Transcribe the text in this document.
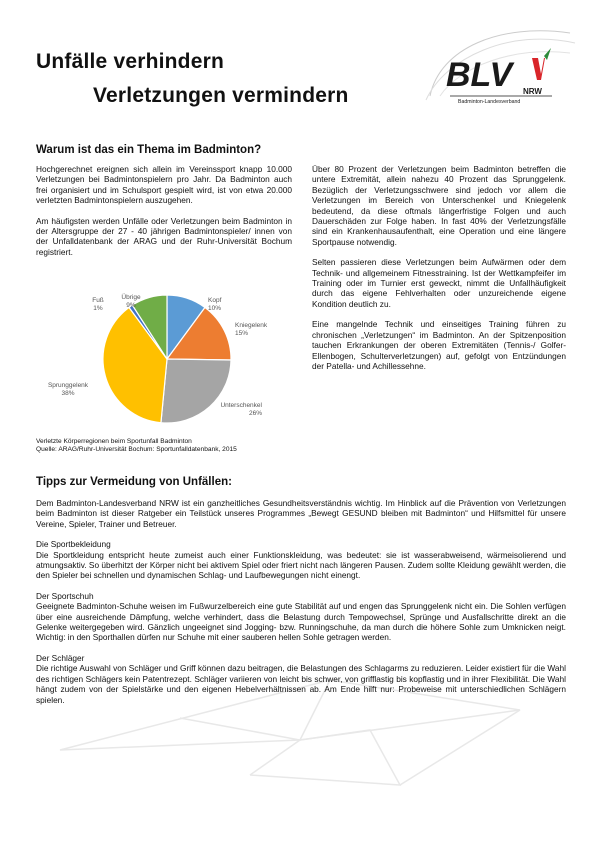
Unfälle verhindern
Verletzungen vermindern
BLV	NRW
Badminton-Landesverband
Warum ist das ein Thema im Badminton?

Hochgerechnet ereignen sich allein im Vereinssport knapp 10.000 Verletzungen bei Badmintonspielern pro Jahr. Da Badminton auch frei organisiert und im Schulsport gespielt wird, ist von etwa 20.000 verletzten Badmintonspielern auszugehen.

Am häufigsten werden Unfälle oder Verletzungen beim Badminton in der Altersgruppe der 27 - 40 jährigen Badmintonspieler/ innen von der Unfalldatenbank der ARAG und der Ruhr-Universität Bochum registriert.

Über 80 Prozent der Verletzungen beim Badminton betreffen die untere Extremität, allein nahezu 40 Prozent das Sprunggelenk. Bezüglich der Verletzungsschwere sind jedoch vor allem die Verletzungen im Bereich von Unterschenkel und Kniegelenk bedeutend, da diese oftmals längerfristige Folgen und auch Dauerschäden zur Folge haben. In fast 40% der Verletzungsfälle sind ein Krankenhausaufenthalt, eine Operation und eine längere Sportpause notwendig.

Selten passieren diese Verletzungen beim Aufwärmen oder dem Technik- und allgemeinem Fitnesstraining. Ist der Wettkampfeifer im Training oder im Turnier erst geweckt, nimmt die Unfallhäufigkeit durch das eigene Fehlverhalten oder unzureichende eigene Kondition deutlich zu.

Eine mangelnde Technik und einseitiges Training führen zu chronischen „Verletzungen“ im Badminton. An der Spitzenposition tauchen Erkrankungen der oberen Extremitäten (Tennis-/ Golfer-Ellenbogen, Schulterverletzungen) auf, gefolgt von Entzündungen der Patella- und Achillessehne.

Kopf
10%
Kniegelenk
15%
Unterschenkel
26%
Sprunggelenk
38%
Fuß
1%
Übrige
9%
Verletzte Körperregionen beim Sportunfall Badminton
Quelle: ARAG/Ruhr-Universität Bochum: Sportunfalldatenbank, 2015
Tipps zur Vermeidung von Unfällen:

Dem Badminton-Landesverband NRW ist ein ganzheitliches Gesundheitsverständnis wichtig. Im Hinblick auf die Prävention von Verletzungen beim Badminton ist dieser Ratgeber ein Teilstück unseres Programmes „Bewegt GESUND bleiben mit Badminton“ und Hilfsmittel für unsere Vereine, Spieler, Trainer und Betreuer.

Die Sportbekleidung

Die Sportkleidung entspricht heute zumeist auch einer Funktionskleidung, was bedeutet: sie ist wasserabweisend, wärmeisolierend und atmungsaktiv. So überhitzt der Körper nicht bei aktivem Spiel oder friert nicht nach längeren Pausen. Zudem sollte Kleidung gewählt werden, die den Spieler bei schnellen und dynamischen Schlag- und Laufbewegungen nicht einengt.

Der Sportschuh

Geeignete Badminton-Schuhe weisen im Fußwurzelbereich eine gute Stabilität auf und engen das Sprunggelenk nicht ein. Die Sohlen verfügen über eine ausreichende Dämpfung, welche verhindert, dass die Belastung durch Tempowechsel, Sprünge und Ausfallschritte direkt an die Gelenke weitergegeben wird. Gänzlich ungeeignet sind Jogging- bzw. Runningschuhe, da man durch die höhere Sohle zum Umknicken neigt. Wichtig: in den Sporthallen dürfen nur Schuhe mit einer sauberen hellen Sohle getragen werden.

Der Schläger

Die richtige Auswahl von Schläger und Griff können dazu beitragen, die Belastungen des Schlagarms zu reduzieren. Leider existiert für die Wahl des richtigen Schlägers kein Patentrezept. Schläger variieren von leicht bis schwer, von grifflastig bis kopflastig und in ihrer Flexibilität. Die Wahl hängt zudem von der Spielstärke und den eigenen Hebelverhältnissen ab. Am Ende hilft nur: Probeweise mit unterschiedlichen Schlägern spielen.
